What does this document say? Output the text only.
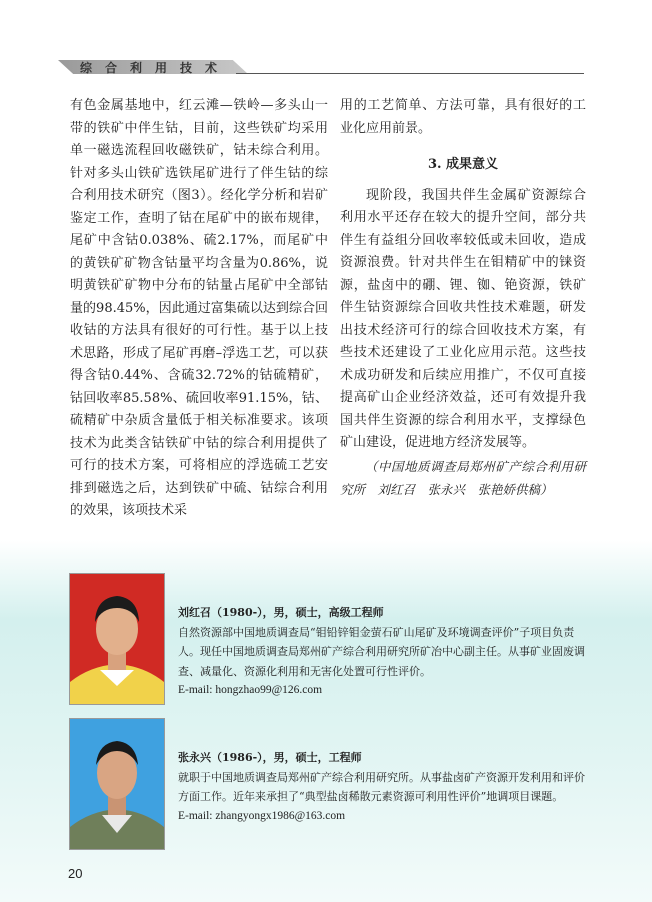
综合利用技术

有色金属基地中，红云滩—铁岭—多头山一带的铁矿中伴生钴，目前，这些铁矿均采用单一磁选流程回收磁铁矿，钴未综合利用。针对多头山铁矿选铁尾矿进行了伴生钴的综合利用技术研究（图3）。经化学分析和岩矿鉴定工作，查明了钴在尾矿中的嵌布规律，尾矿中含钴0.038%、硫2.17%，而尾矿中的黄铁矿矿物含钴量平均含量为0.86%，说明黄铁矿矿物中分布的钴量占尾矿中全部钴量的98.45%，因此通过富集硫以达到综合回收钴的方法具有很好的可行性。基于以上技术思路，形成了尾矿再磨–浮选工艺，可以获得含钴0.44%、含硫32.72%的钴硫精矿，钴回收率85.58%、硫回收率91.15%，钴、硫精矿中杂质含量低于相关标准要求。该项技术为此类含钴铁矿中钴的综合利用提供了可行的技术方案，可将相应的浮选硫工艺安排到磁选之后，达到铁矿中硫、钴综合利用的效果，该项技术采

用的工艺简单、方法可靠，具有很好的工业化应用前景。

3. 成果意义

现阶段，我国共伴生金属矿资源综合利用水平还存在较大的提升空间，部分共伴生有益组分回收率较低或未回收，造成资源浪费。针对共伴生在钼精矿中的铼资源，盐卤中的硼、锂、铷、铯资源，铁矿伴生钴资源综合回收共性技术难题，研发出技术经济可行的综合回收技术方案，有些技术还建设了工业化应用示范。这些技术成功研发和后续应用推广，不仅可直接提高矿山企业经济效益，还可有效提升我国共伴生资源的综合利用水平，支撑绿色矿山建设，促进地方经济发展等。

（中国地质调查局郑州矿产综合利用研究所　刘红召　张永兴　张艳娇供稿）

刘红召（1980-），男，硕士，高级工程师

自然资源部中国地质调查局“钼铅锌钼金萤石矿山尾矿及环境调查评价”子项目负责人。现任中国地质调查局郑州矿产综合利用研究所矿冶中心副主任。从事矿业固废调查、减量化、资源化利用和无害化处置可行性评价。

E-mail: hongzhao99@126.com

张永兴（1986-），男，硕士，工程师

就职于中国地质调查局郑州矿产综合利用研究所。从事盐卤矿产资源开发利用和评价方面工作。近年来承担了“典型盐卤稀散元素资源可利用性评价”地调项目课题。

E-mail: zhangyongx1986@163.com

20
